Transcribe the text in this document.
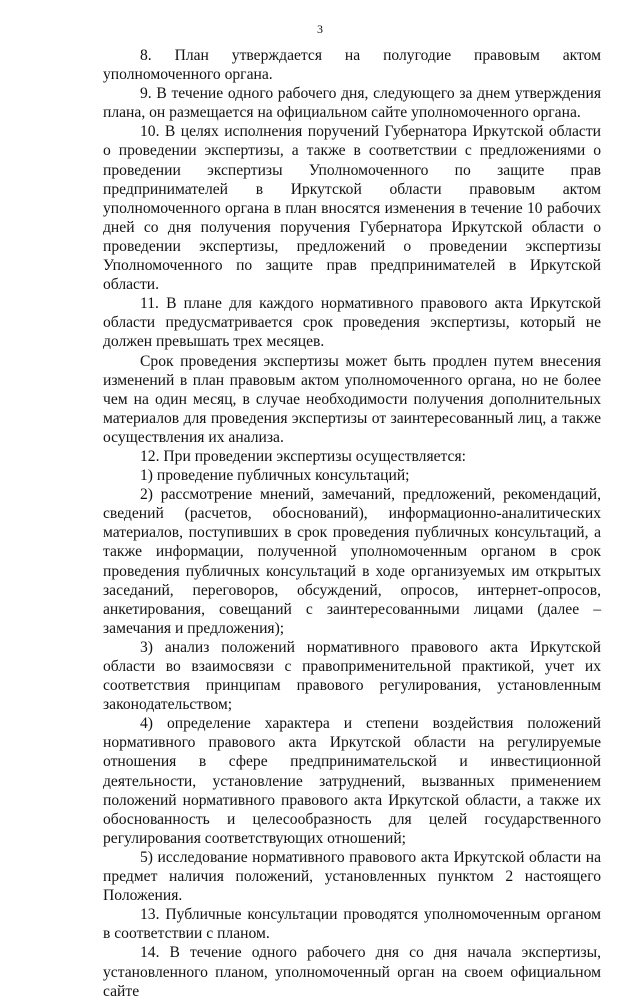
3

8. План утверждается на полугодие правовым актом уполномоченного органа.

9. В течение одного рабочего дня, следующего за днем утверждения плана, он размещается на официальном сайте уполномоченного органа.

10. В целях исполнения поручений Губернатора Иркутской области о проведении экспертизы, а также в соответствии с предложениями о проведении экспертизы Уполномоченного по защите прав предпринимателей в Иркутской области правовым актом уполномоченного органа в план вносятся изменения в течение 10 рабочих дней со дня получения поручения Губернатора Иркутской области о проведении экспертизы, предложений о проведении экспертизы Уполномоченного по защите прав предпринимателей в Иркутской области.

11. В плане для каждого нормативного правового акта Иркутской области предусматривается срок проведения экспертизы, который не должен превышать трех месяцев.

Срок проведения экспертизы может быть продлен путем внесения изменений в план правовым актом уполномоченного органа, но не более чем на один месяц, в случае необходимости получения дополнительных материалов для проведения экспертизы от заинтересованный лиц, а также осуществления их анализа.

12. При проведении экспертизы осуществляется:

1) проведение публичных консультаций;

2) рассмотрение мнений, замечаний, предложений, рекомендаций, сведений (расчетов, обоснований), информационно-аналитических материалов, поступивших в срок проведения публичных консультаций, а также информации, полученной уполномоченным органом в срок проведения публичных консультаций в ходе организуемых им открытых заседаний, переговоров, обсуждений, опросов, интернет-опросов, анкетирования, совещаний с заинтересованными лицами (далее – замечания и предложения);

3) анализ положений нормативного правового акта Иркутской области во взаимосвязи с правоприменительной практикой, учет их соответствия принципам правового регулирования, установленным законодательством;

4) определение характера и степени воздействия положений нормативного правового акта Иркутской области на регулируемые отношения в сфере предпринимательской и инвестиционной деятельности, установление затруднений, вызванных применением положений нормативного правового акта Иркутской области, а также их обоснованность и целесообразность для целей государственного регулирования соответствующих отношений;

5) исследование нормативного правового акта Иркутской области на предмет наличия положений, установленных пунктом 2 настоящего Положения.

13. Публичные консультации проводятся уполномоченным органом в соответствии с планом.

14. В течение одного рабочего дня со дня начала экспертизы, установленного планом, уполномоченный орган на своем официальном сайте
